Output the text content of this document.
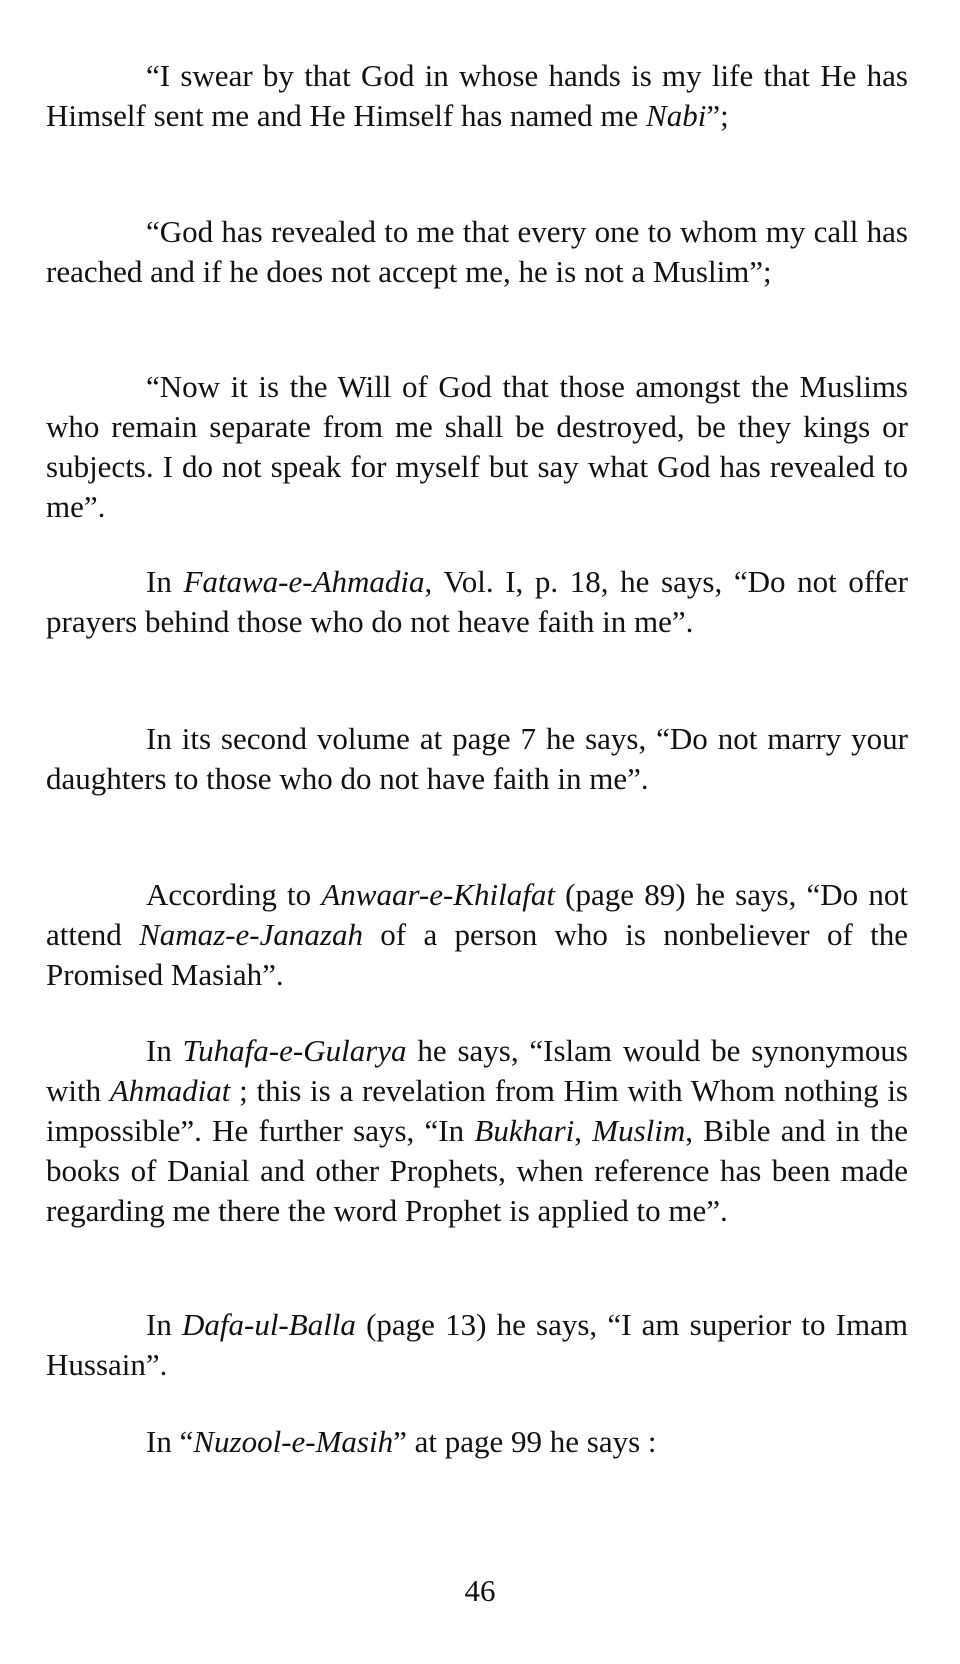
“I swear by that God in whose hands is my life that He has Himself sent me and He Himself has named me Nabi”;

“God has revealed to me that every one to whom my call has reached and if he does not accept me, he is not a Muslim”;

“Now it is the Will of God that those amongst the Muslims who remain separate from me shall be destroyed, be they kings or subjects. I do not speak for myself but say what God has revealed to me”.

In Fatawa-e-Ahmadia, Vol. I, p. 18, he says, “Do not offer prayers behind those who do not heave faith in me”.

In its second volume at page 7 he says, “Do not marry your daughters to those who do not have faith in me”.

According to Anwaar-e-Khilafat (page 89) he says, “Do not attend Namaz-e-Janazah of a person who is nonbeliever of the Promised Masiah”.

In Tuhafa-e-Gularya he says, “Islam would be synonymous with Ahmadiat ; this is a revelation from Him with Whom nothing is impossible”. He further says, “In Bukhari, Muslim, Bible and in the books of Danial and other Prophets, when reference has been made regarding me there the word Prophet is applied to me”.

In Dafa-ul-Balla (page 13) he says, “I am superior to Imam Hussain”.

In “Nuzool-e-Masih” at page 99 he says :

46
